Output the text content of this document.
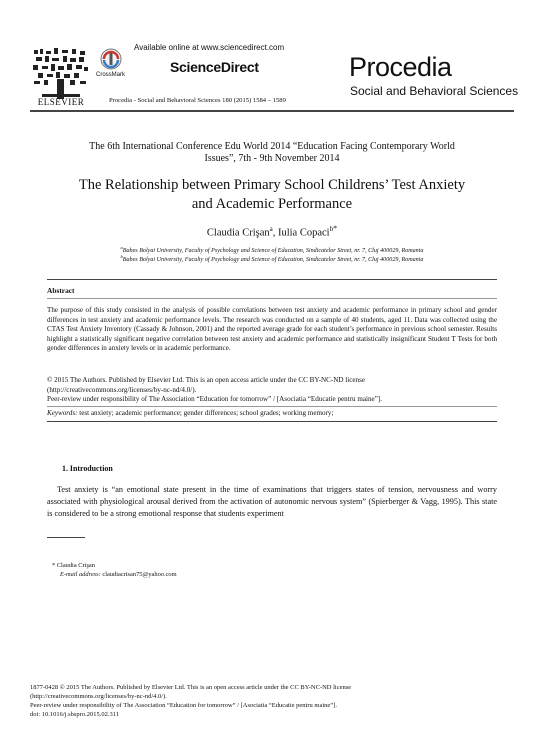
ELSEVIER
CrossMark
Available online at www.sciencedirect.com
ScienceDirect
Procedia - Social and Behavioral Sciences 180 (2015) 1584 – 1589
Procedia
Social and Behavioral Sciences
The 6th International Conference Edu World 2014 “Education Facing Contemporary World
Issues”, 7th - 9th November 2014
The Relationship between Primary School Childrens’ Test Anxiety
and Academic Performance
Claudia Crişan$^a$, Iulia Copaci$^{b*}$
$^a$Babes Bolyai University, Faculty of Psychology and Science of Education, Sindicatelor Street, nr. 7, Cluj 400029, Romania
$^b$Babes Bolyai University, Faculty of Psychology and Science of Education, Sindicatelor Street, nr. 7, Cluj 400029, Romania
Abstract
The purpose of this study consisted in the analysis of possible correlations between test anxiety and academic performance in primary school and gender differences in test anxiety and academic performance levels. The research was conducted on a sample of 40 students, aged 11. Data was collected using the CTAS Test Anxiety Inventory (Cassady & Johnson, 2001) and the reported average grade for each student’s performance in previous school semester. Results highlight a statistically significant negative correlation between test anxiety and academic performance and statistically insignificant Student T Tests for both gender differences in anxiety levels or in academic performance.
© 2015 The Authors. Published by Elsevier Ltd. This is an open access article under the CC BY-NC-ND license
(http://creativecommons.org/licenses/by-nc-nd/4.0/).
Peer-review under responsibility of The Association “Education for tomorrow” / [Asociatia “Educatie pentru maine”].
Keywords: test anxiety; academic performance; gender differences; school grades; working memory;
1. Introduction
Test anxiety is “an emotional state present in the time of examinations that triggers states of tension, nervousness and worry associated with physiological arousal derived from the activation of autonomic nervous system” (Spierberger & Vagg, 1995). This state is considered to be a strong emotional response that students experiment
* Claudia Crişan
E-mail address: claudiacrisan75@yahoo.com
1877-0428 © 2015 The Authors. Published by Elsevier Ltd. This is an open access article under the CC BY-NC-ND license
(http://creativecommons.org/licenses/by-nc-nd/4.0/).
Peer-review under responsibility of The Association “Education for tomorrow” / [Asociatia “Educatie pentru maine”].
doi: 10.1016/j.sbspro.2015.02.311
